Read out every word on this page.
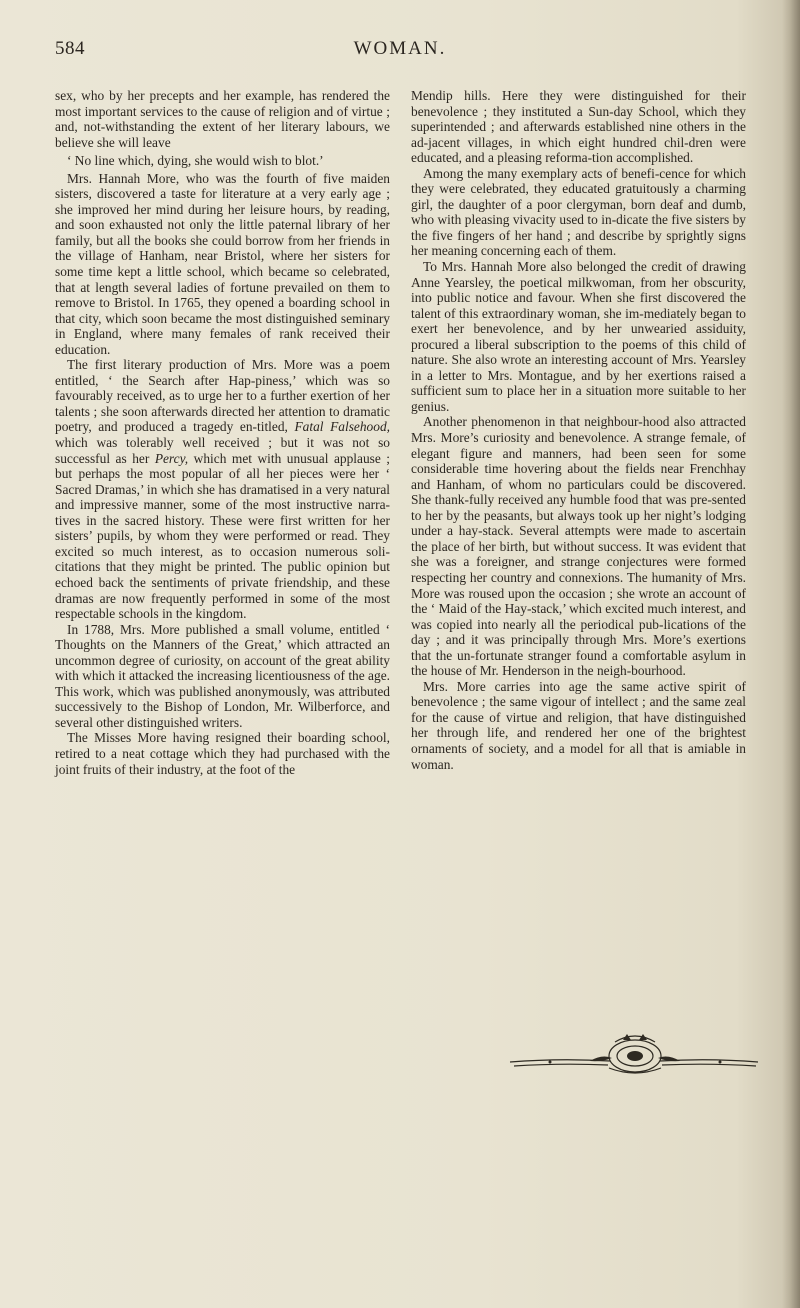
584	WOMAN.

sex, who by her precepts and her example, has rendered the most important services to the cause of religion and of virtue ; and, not-withstanding the extent of her literary labours, we believe she will leave

‘ No line which, dying, she would wish to blot.’

Mrs. Hannah More, who was the fourth of five maiden sisters, discovered a taste for literature at a very early age ; she improved her mind during her leisure hours, by reading, and soon exhausted not only the little paternal library of her family, but all the books she could borrow from her friends in the village of Hanham, near Bristol, where her sisters for some time kept a little school, which became so celebrated, that at length several ladies of fortune prevailed on them to remove to Bristol. In 1765, they opened a boarding school in that city, which soon became the most distinguished seminary in England, where many females of rank received their education.

The first literary production of Mrs. More was a poem entitled, ‘ the Search after Hap-piness,’ which was so favourably received, as to urge her to a further exertion of her talents ; she soon afterwards directed her attention to dramatic poetry, and produced a tragedy en-titled, Fatal Falsehood, which was tolerably well received ; but it was not so successful as her Percy, which met with unusual applause ; but perhaps the most popular of all her pieces were her ‘ Sacred Dramas,’ in which she has dramatised in a very natural and impressive manner, some of the most instructive narra-tives in the sacred history. These were first written for her sisters’ pupils, by whom they were performed or read. They excited so much interest, as to occasion numerous soli-citations that they might be printed. The public opinion but echoed back the sentiments of private friendship, and these dramas are now frequently performed in some of the most respectable schools in the kingdom.

In 1788, Mrs. More published a small volume, entitled ‘ Thoughts on the Manners of the Great,’ which attracted an uncommon degree of curiosity, on account of the great ability with which it attacked the increasing licentiousness of the age. This work, which was published anonymously, was attributed successively to the Bishop of London, Mr. Wilberforce, and several other distinguished writers.

The Misses More having resigned their boarding school, retired to a neat cottage which they had purchased with the joint fruits of their industry, at the foot of the

Mendip hills. Here they were distinguished for their benevolence ; they instituted a Sun-day School, which they superintended ; and afterwards established nine others in the ad-jacent villages, in which eight hundred chil-dren were educated, and a pleasing reforma-tion accomplished.

Among the many exemplary acts of benefi-cence for which they were celebrated, they educated gratuitously a charming girl, the daughter of a poor clergyman, born deaf and dumb, who with pleasing vivacity used to in-dicate the five sisters by the five fingers of her hand ; and describe by sprightly signs her meaning concerning each of them.

To Mrs. Hannah More also belonged the credit of drawing Anne Yearsley, the poetical milkwoman, from her obscurity, into public notice and favour. When she first discovered the talent of this extraordinary woman, she im-mediately began to exert her benevolence, and by her unwearied assiduity, procured a liberal subscription to the poems of this child of nature. She also wrote an interesting account of Mrs. Yearsley in a letter to Mrs. Montague, and by her exertions raised a sufficient sum to place her in a situation more suitable to her genius.

Another phenomenon in that neighbour-hood also attracted Mrs. More’s curiosity and benevolence. A strange female, of elegant figure and manners, had been seen for some considerable time hovering about the fields near Frenchhay and Hanham, of whom no particulars could be discovered. She thank-fully received any humble food that was pre-sented to her by the peasants, but always took up her night’s lodging under a hay-stack. Several attempts were made to ascertain the place of her birth, but without success. It was evident that she was a foreigner, and strange conjectures were formed respecting her country and connexions. The humanity of Mrs. More was roused upon the occasion ; she wrote an account of the ‘ Maid of the Hay-stack,’ which excited much interest, and was copied into nearly all the periodical pub-lications of the day ; and it was principally through Mrs. More’s exertions that the un-fortunate stranger found a comfortable asylum in the house of Mr. Henderson in the neigh-bourhood.

Mrs. More carries into age the same active spirit of benevolence ; the same vigour of intellect ; and the same zeal for the cause of virtue and religion, that have distinguished her through life, and rendered her one of the brightest ornaments of society, and a model for all that is amiable in woman.
